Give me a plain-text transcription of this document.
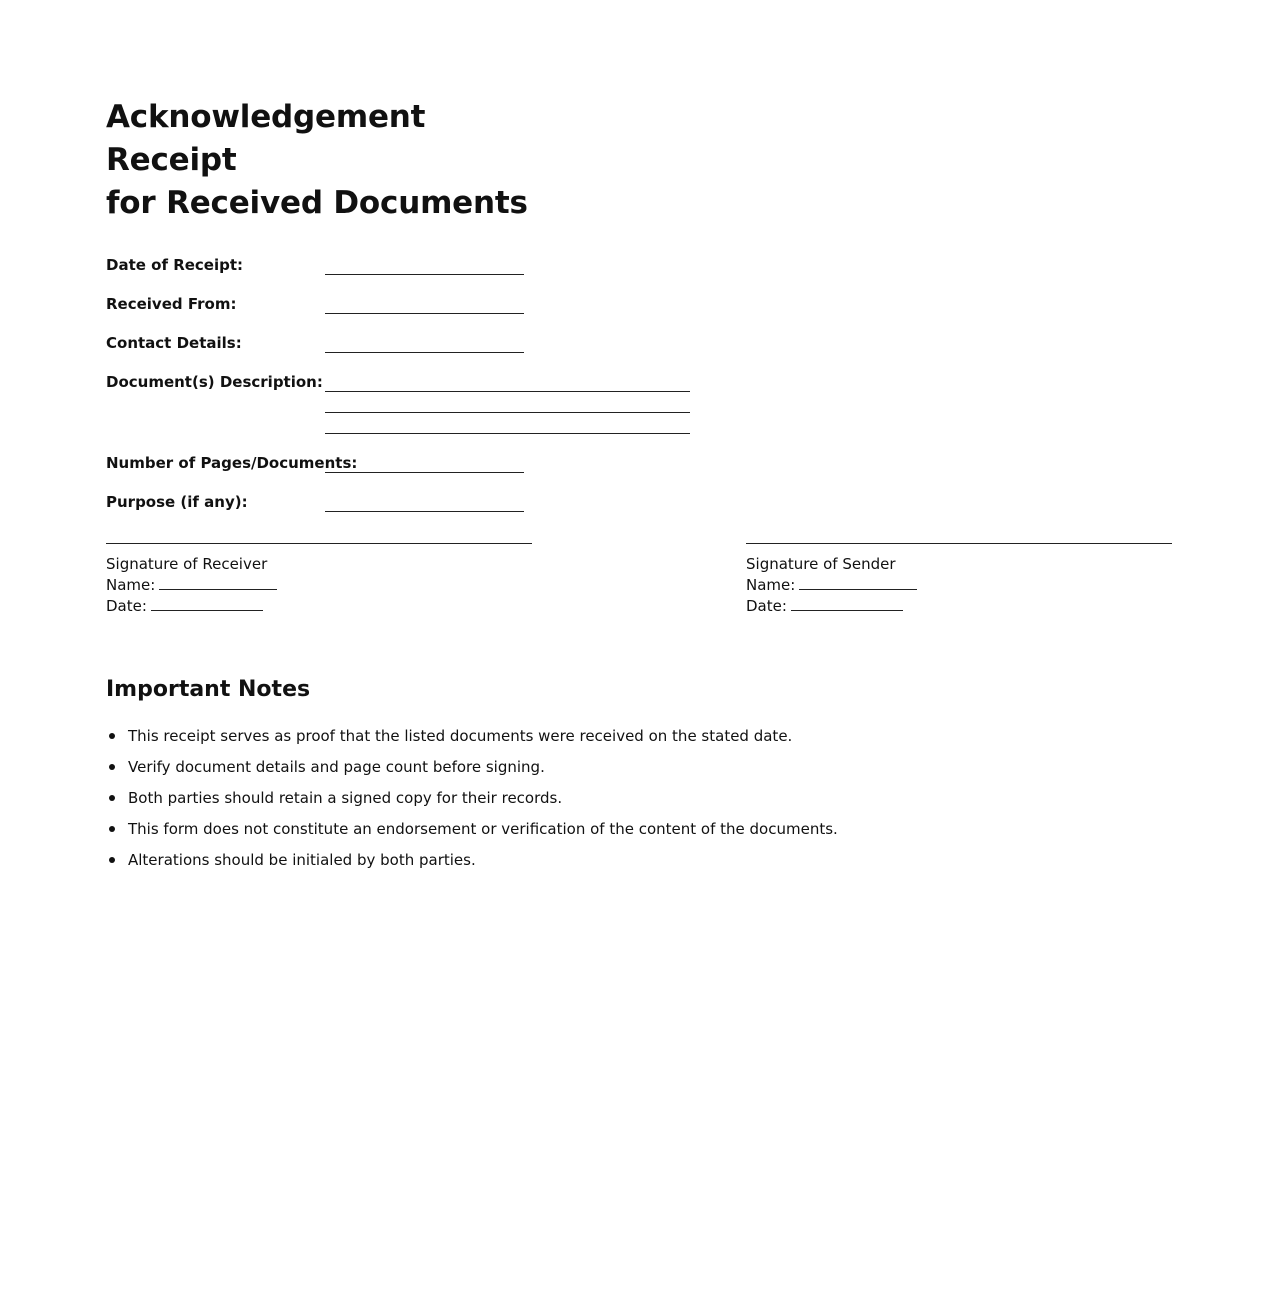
Acknowledgement Receipt
for Received Documents
Date of Receipt:
Received From:
Contact Details:
Document(s) Description:
Number of Pages/Documents:
Purpose (if any):
Signature of Receiver
Name:
Date:
Signature of Sender
Name:
Date:
Important Notes
This receipt serves as proof that the listed documents were received on the stated date.
Verify document details and page count before signing.
Both parties should retain a signed copy for their records.
This form does not constitute an endorsement or verification of the content of the documents.
Alterations should be initialed by both parties.
